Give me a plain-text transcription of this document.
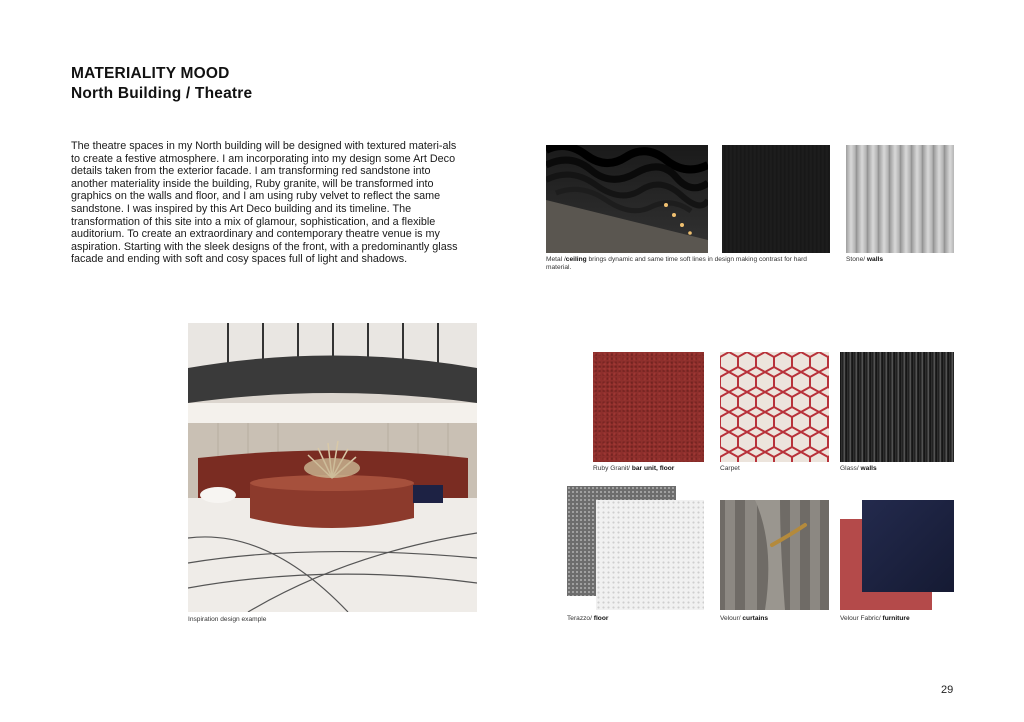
MATERIALITY MOOD
North Building / Theatre
The theatre spaces in my North building will be designed with textured materi-als to create a festive atmosphere. I am incorporating into my design some Art Deco details taken from the exterior facade. I am transforming red sandstone into another materiality inside the building, Ruby granite, will be transformed into graphics on the walls and floor, and I am using ruby velvet to reflect the same sandstone. I was inspired by this Art Deco building and its timeline. The transformation of this site into a mix of glamour, sophistication, and a flexible auditorium. To create an extraordinary and contemporary theatre venue is my aspiration. Starting with the sleek designs of the front, with a predominantly glass facade and ending with soft and cosy spaces full of light and shadows.	Metal /ceiling brings dynamic and same time soft lines in design making contrast for hard
material.
Stone/ walls
Inspiration design example
Ruby Granit/ bar unit, floor	Carpet	Glass/ walls
Terazzo/ floor	Velour/ curtains	Velour Fabric/ furniture
29
